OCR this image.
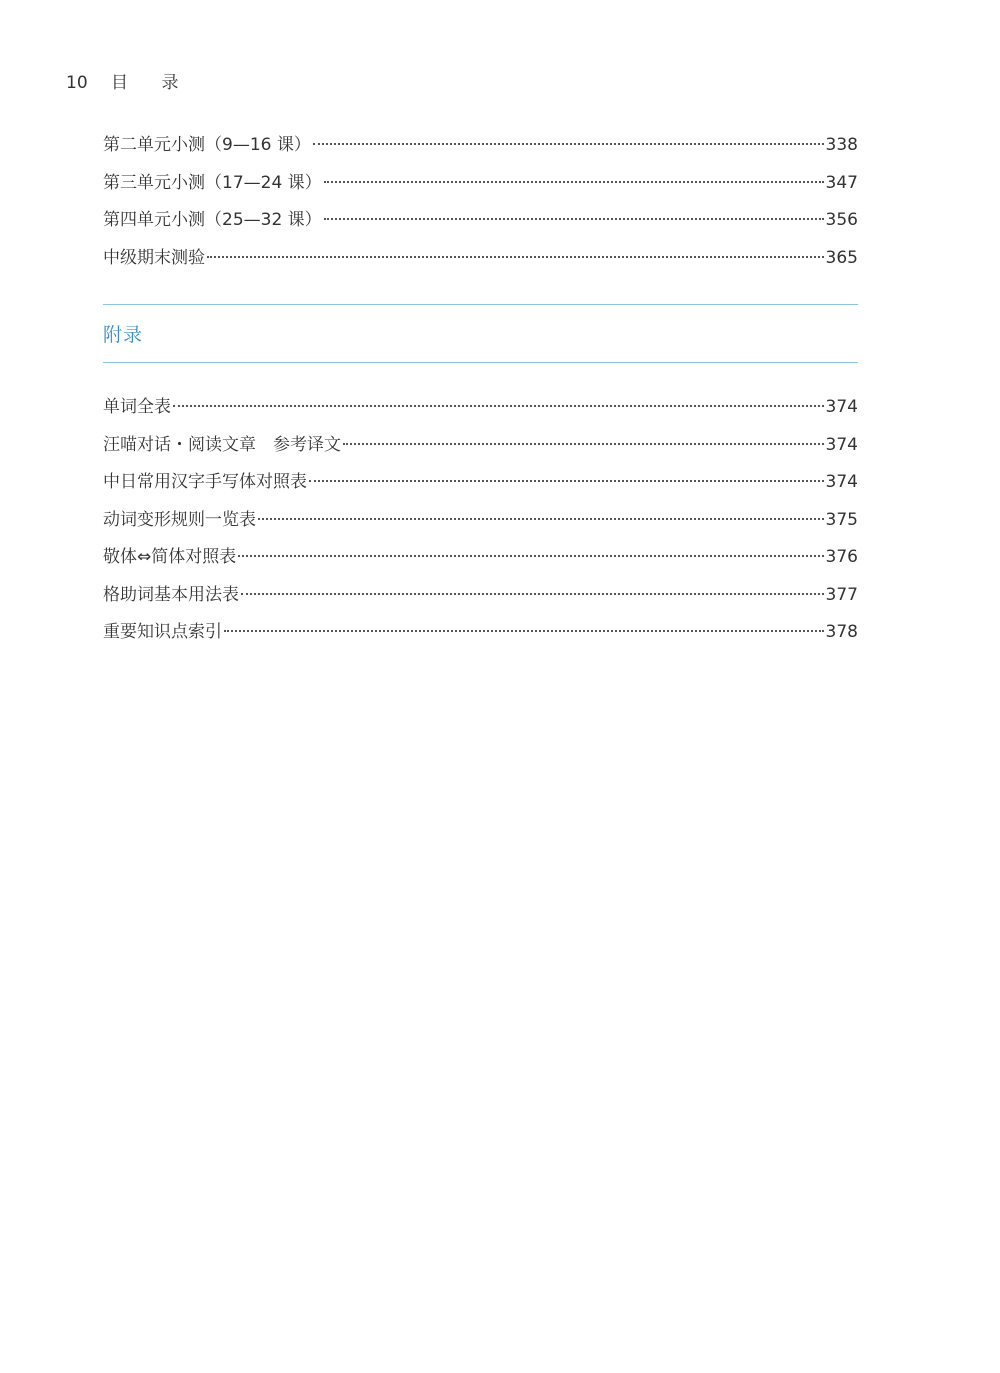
10 目 录
第二单元小测（9—16 课）	338
第三单元小测（17—24 课）	347
第四单元小测（25—32 课）	356
中级期末测验	365
附录
单词全表	374
汪喵对话・阅读文章　参考译文	374
中日常用汉字手写体对照表	374
动词变形规则一览表	375
敬体⇔简体对照表	376
格助词基本用法表	377
重要知识点索引	378
